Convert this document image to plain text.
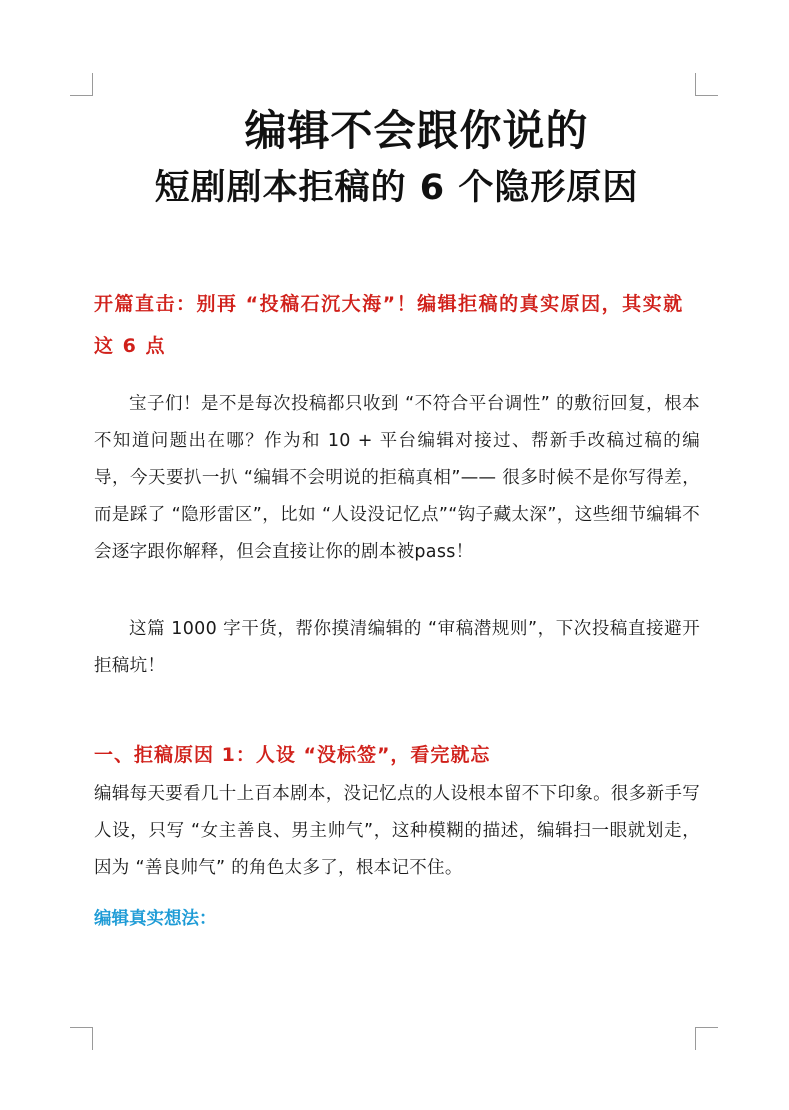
编辑不会跟你说的
短剧剧本拒稿的 6 个隐形原因
开篇直击：别再 “投稿石沉大海”！编辑拒稿的真实原因，其实就这 6 点
宝子们！是不是每次投稿都只收到 “不符合平台调性” 的敷衍回复，根本不知道问题出在哪？作为和 10 + 平台编辑对接过、帮新手改稿过稿的编导，今天要扒一扒 “编辑不会明说的拒稿真相”—— 很多时候不是你写得差，而是踩了 “隐形雷区”，比如 “人设没记忆点”“钩子藏太深”，这些细节编辑不会逐字跟你解释，但会直接让你的剧本被pass！
这篇 1000 字干货，帮你摸清编辑的 “审稿潜规则”，下次投稿直接避开拒稿坑！
一、拒稿原因 1：人设 “没标签”，看完就忘
编辑每天要看几十上百本剧本，没记忆点的人设根本留不下印象。很多新手写人设，只写 “女主善良、男主帅气”，这种模糊的描述，编辑扫一眼就划走，因为 “善良帅气” 的角色太多了，根本记不住。
编辑真实想法：
